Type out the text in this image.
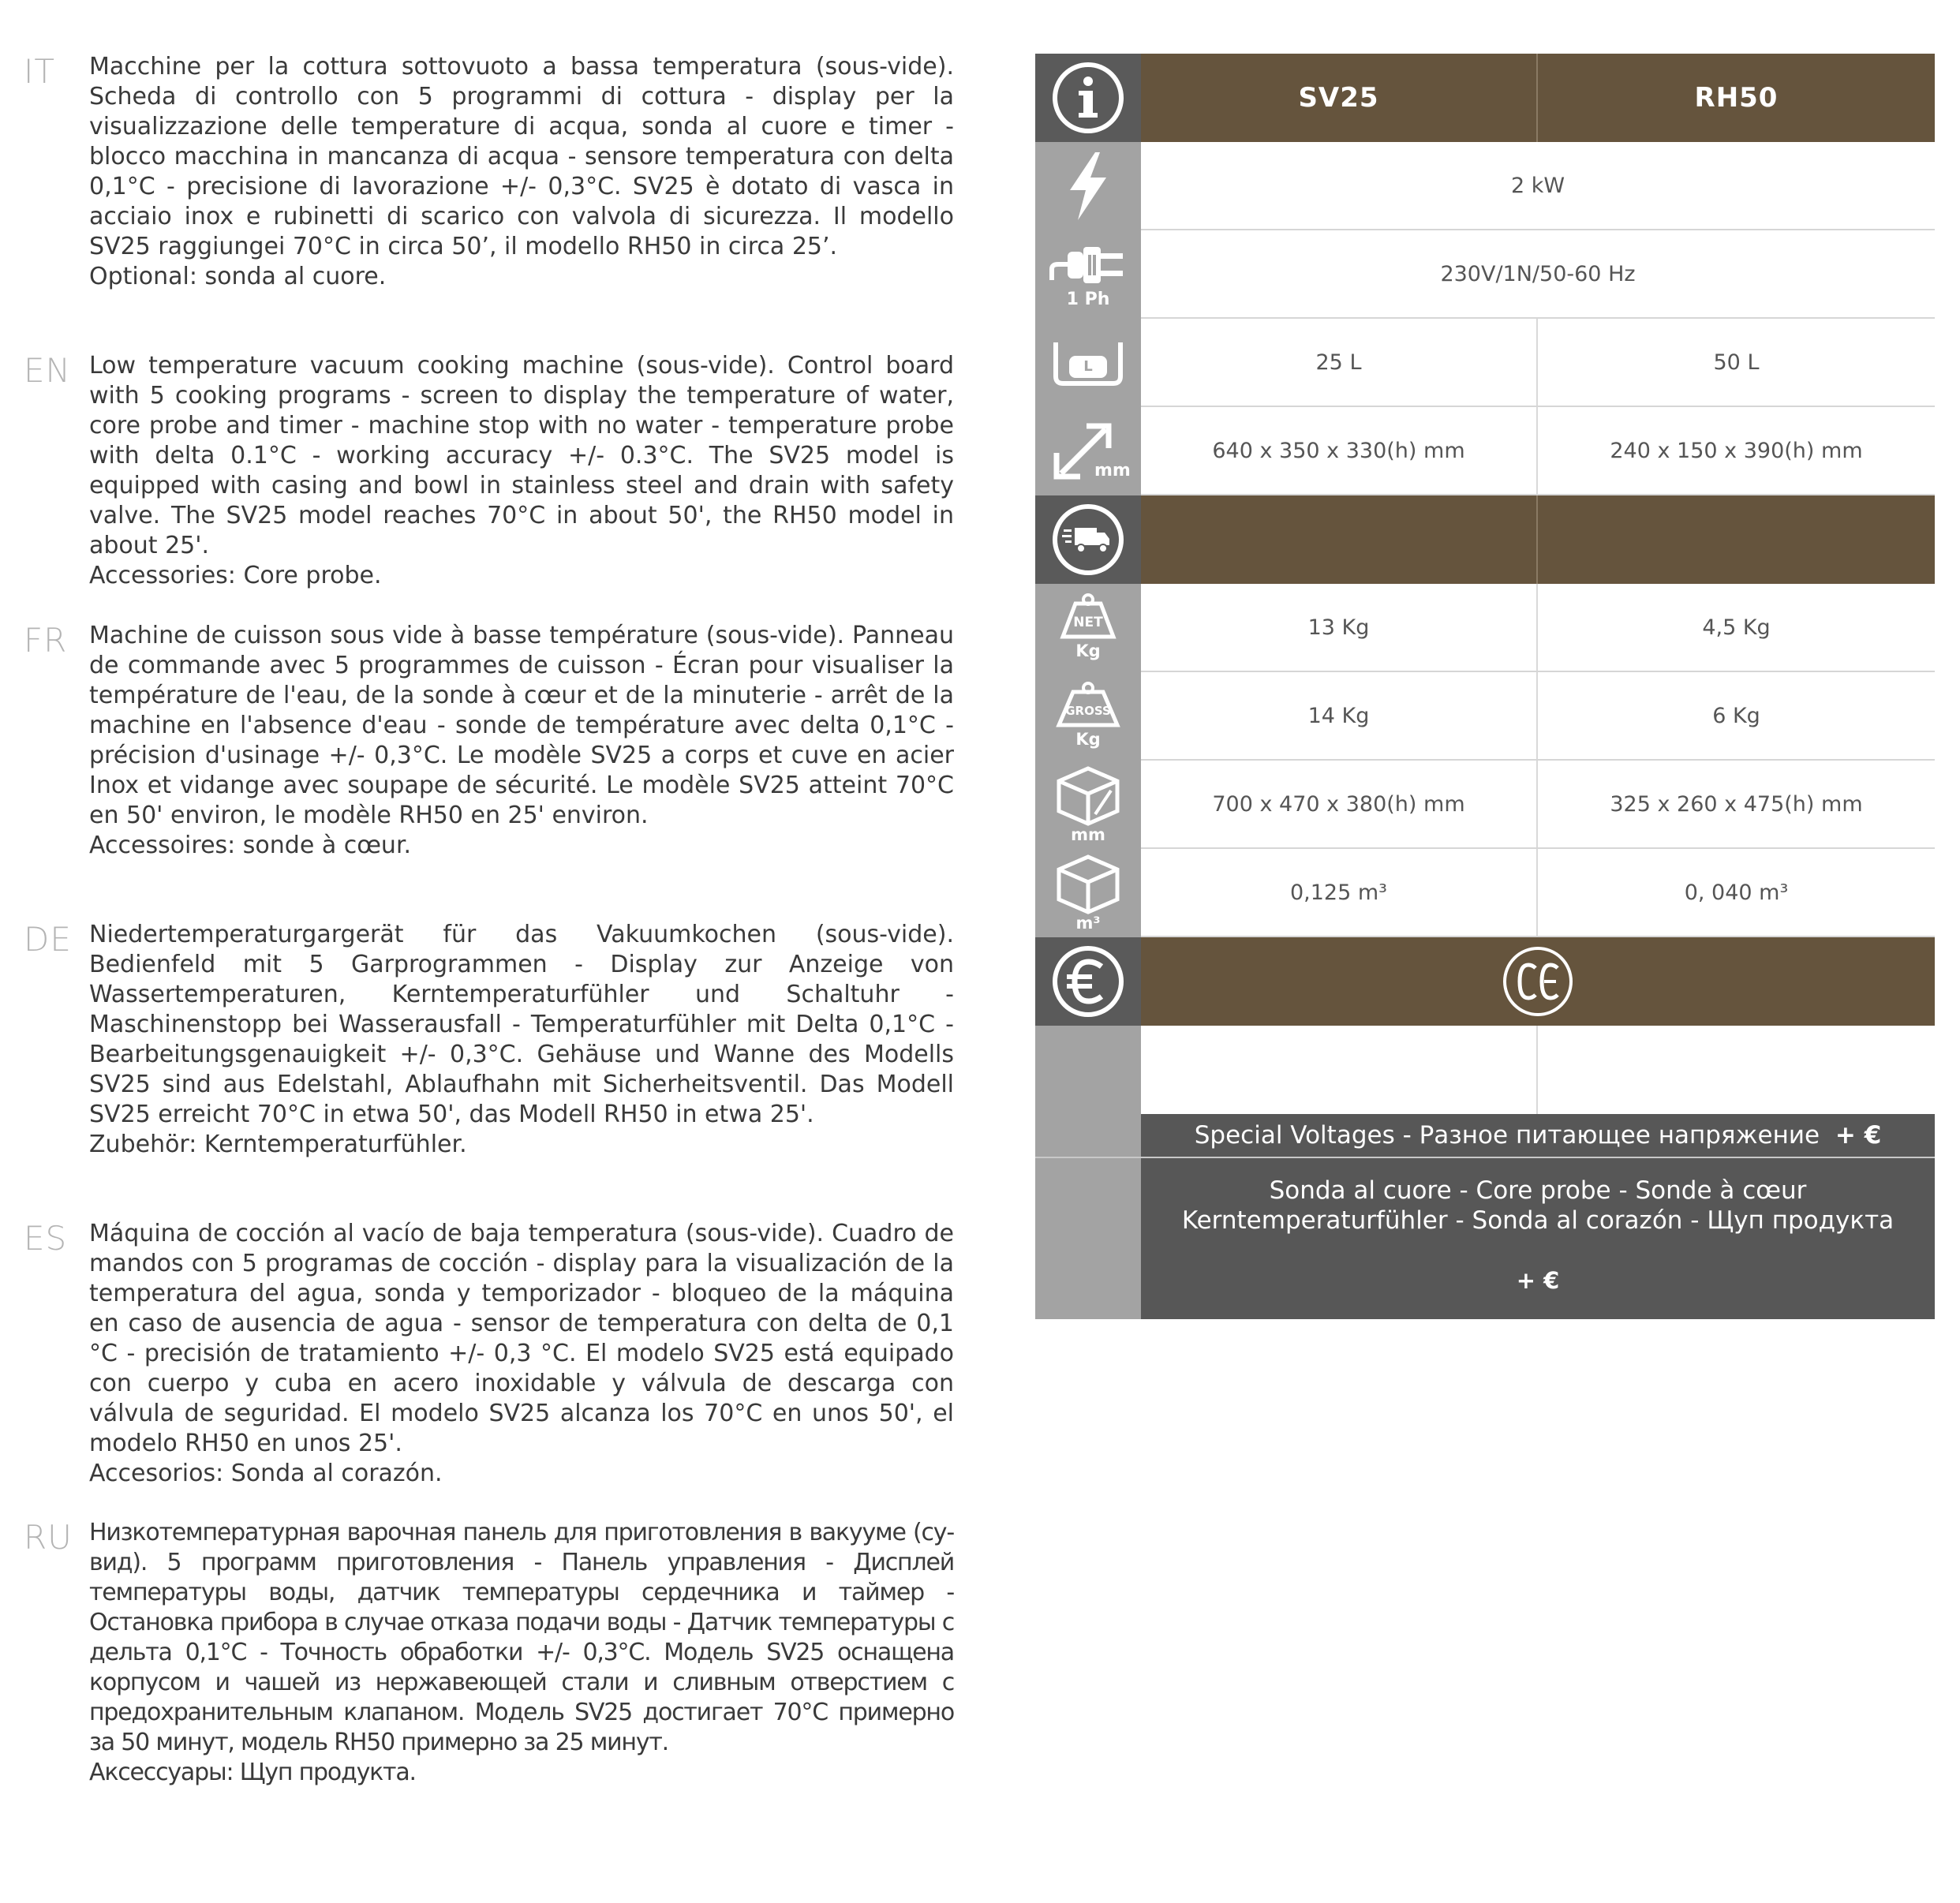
IT Macchine per la cottura sottovuoto a bassa temperatura (sous-vide). Scheda di controllo con 5 programmi di cottura - display per la visualizzazione delle temperature di acqua, sonda al cuore e timer - blocco macchina in mancanza di acqua - sensore temperatura con delta 0,1°C - precisione di lavorazione +/- 0,3°C. SV25 è dotato di vasca in acciaio inox e rubinetti di scarico con valvola di sicurezza. Il modello SV25 raggiungei 70°C in circa 50’, il modello RH50 in circa 25’.

Optional: sonda al cuore.

EN Low temperature vacuum cooking machine (sous-vide). Control board with 5 cooking programs - screen to display the temperature of water, core probe and timer - machine stop with no water - temperature probe with delta 0.1°C - working accuracy +/- 0.3°C. The SV25 model is equipped with casing and bowl in stainless steel and drain with safety valve. The SV25 model reaches 70°C in about 50', the RH50 model in about 25'.

Accessories: Core probe.

FR Machine de cuisson sous vide à basse température (sous-vide). Panneau de commande avec 5 programmes de cuisson - Écran pour visualiser la température de l'eau, de la sonde à cœur et de la minuterie - arrêt de la machine en l'absence d'eau - sonde de température avec delta 0,1°C - précision d'usinage +/- 0,3°C. Le modèle SV25 a corps et cuve en acier Inox et vidange avec soupape de sécurité. Le modèle SV25 atteint 70°C en 50' environ, le modèle RH50 en 25' environ.

Accessoires: sonde à cœur.

DE Niedertemperaturgargerät für das Vakuumkochen (sous-vide). Bedienfeld mit 5 Garprogrammen - Display zur Anzeige von Wassertemperaturen, Kerntemperaturfühler und Schaltuhr - Maschinenstopp bei Wasserausfall - Temperaturfühler mit Delta 0,1°C - Bearbeitungsgenauigkeit +/- 0,3°C. Gehäuse und Wanne des Modells SV25 sind aus Edelstahl, Ablaufhahn mit Sicherheitsventil. Das Modell SV25 erreicht 70°C in etwa 50', das Modell RH50 in etwa 25'.

Zubehör: Kerntemperaturfühler.

ES Máquina de cocción al vacío de baja temperatura (sous-vide). Cuadro de mandos con 5 programas de cocción - display para la visualización de la temperatura del agua, sonda y temporizador - bloqueo de la máquina en caso de ausencia de agua - sensor de temperatura con delta de 0,1 °C - precisión de tratamiento +/- 0,3 °C. El modelo SV25 está equipado con cuerpo y cuba en acero inoxidable y válvula de descarga con válvula de seguridad. El modelo SV25 alcanza los 70°C en unos 50', el modelo RH50 en unos 25'.

Accesorios: Sonda al corazón.

RU Низкотемпературная варочная панель для приготовления в вакууме (су-вид). 5 программ приготовления - Панель управления - Дисплей температуры воды, датчик температуры сердечника и таймер - Остановка прибора в случае отказа подачи воды - Датчик температуры с дельта 0,1°C - Точность обработки +/- 0,3°C. Модель SV25 оснащена корпусом и чашей из нержавеющей стали и сливным отверстием с предохранительным клапаном. Модель SV25 достигает 70°C примерно за 50 минут, модель RH50 примерно за 25 минут.

Аксессуары: Щуп продукта.

SV25	RH50
2 kW
1 Ph
230V/1N/50-60 Hz
L	25 L	50 L
mm
640 x 350 x 330(h) mm	240 x 150 x 390(h) mm
NET
Kg
13 Kg	4,5 Kg
GROSS
Kg
14 Kg	6 Kg
mm
700 x 470 x 380(h) mm	325 x 260 x 475(h) mm
m³
0,125 m³	0, 040 m³
Special Voltages - Разное питающее напряжение + €
Sonda al cuore - Core probe - Sonde à cœur
Kerntemperaturfühler - Sonda al corazón - Щуп продукта
+ €
